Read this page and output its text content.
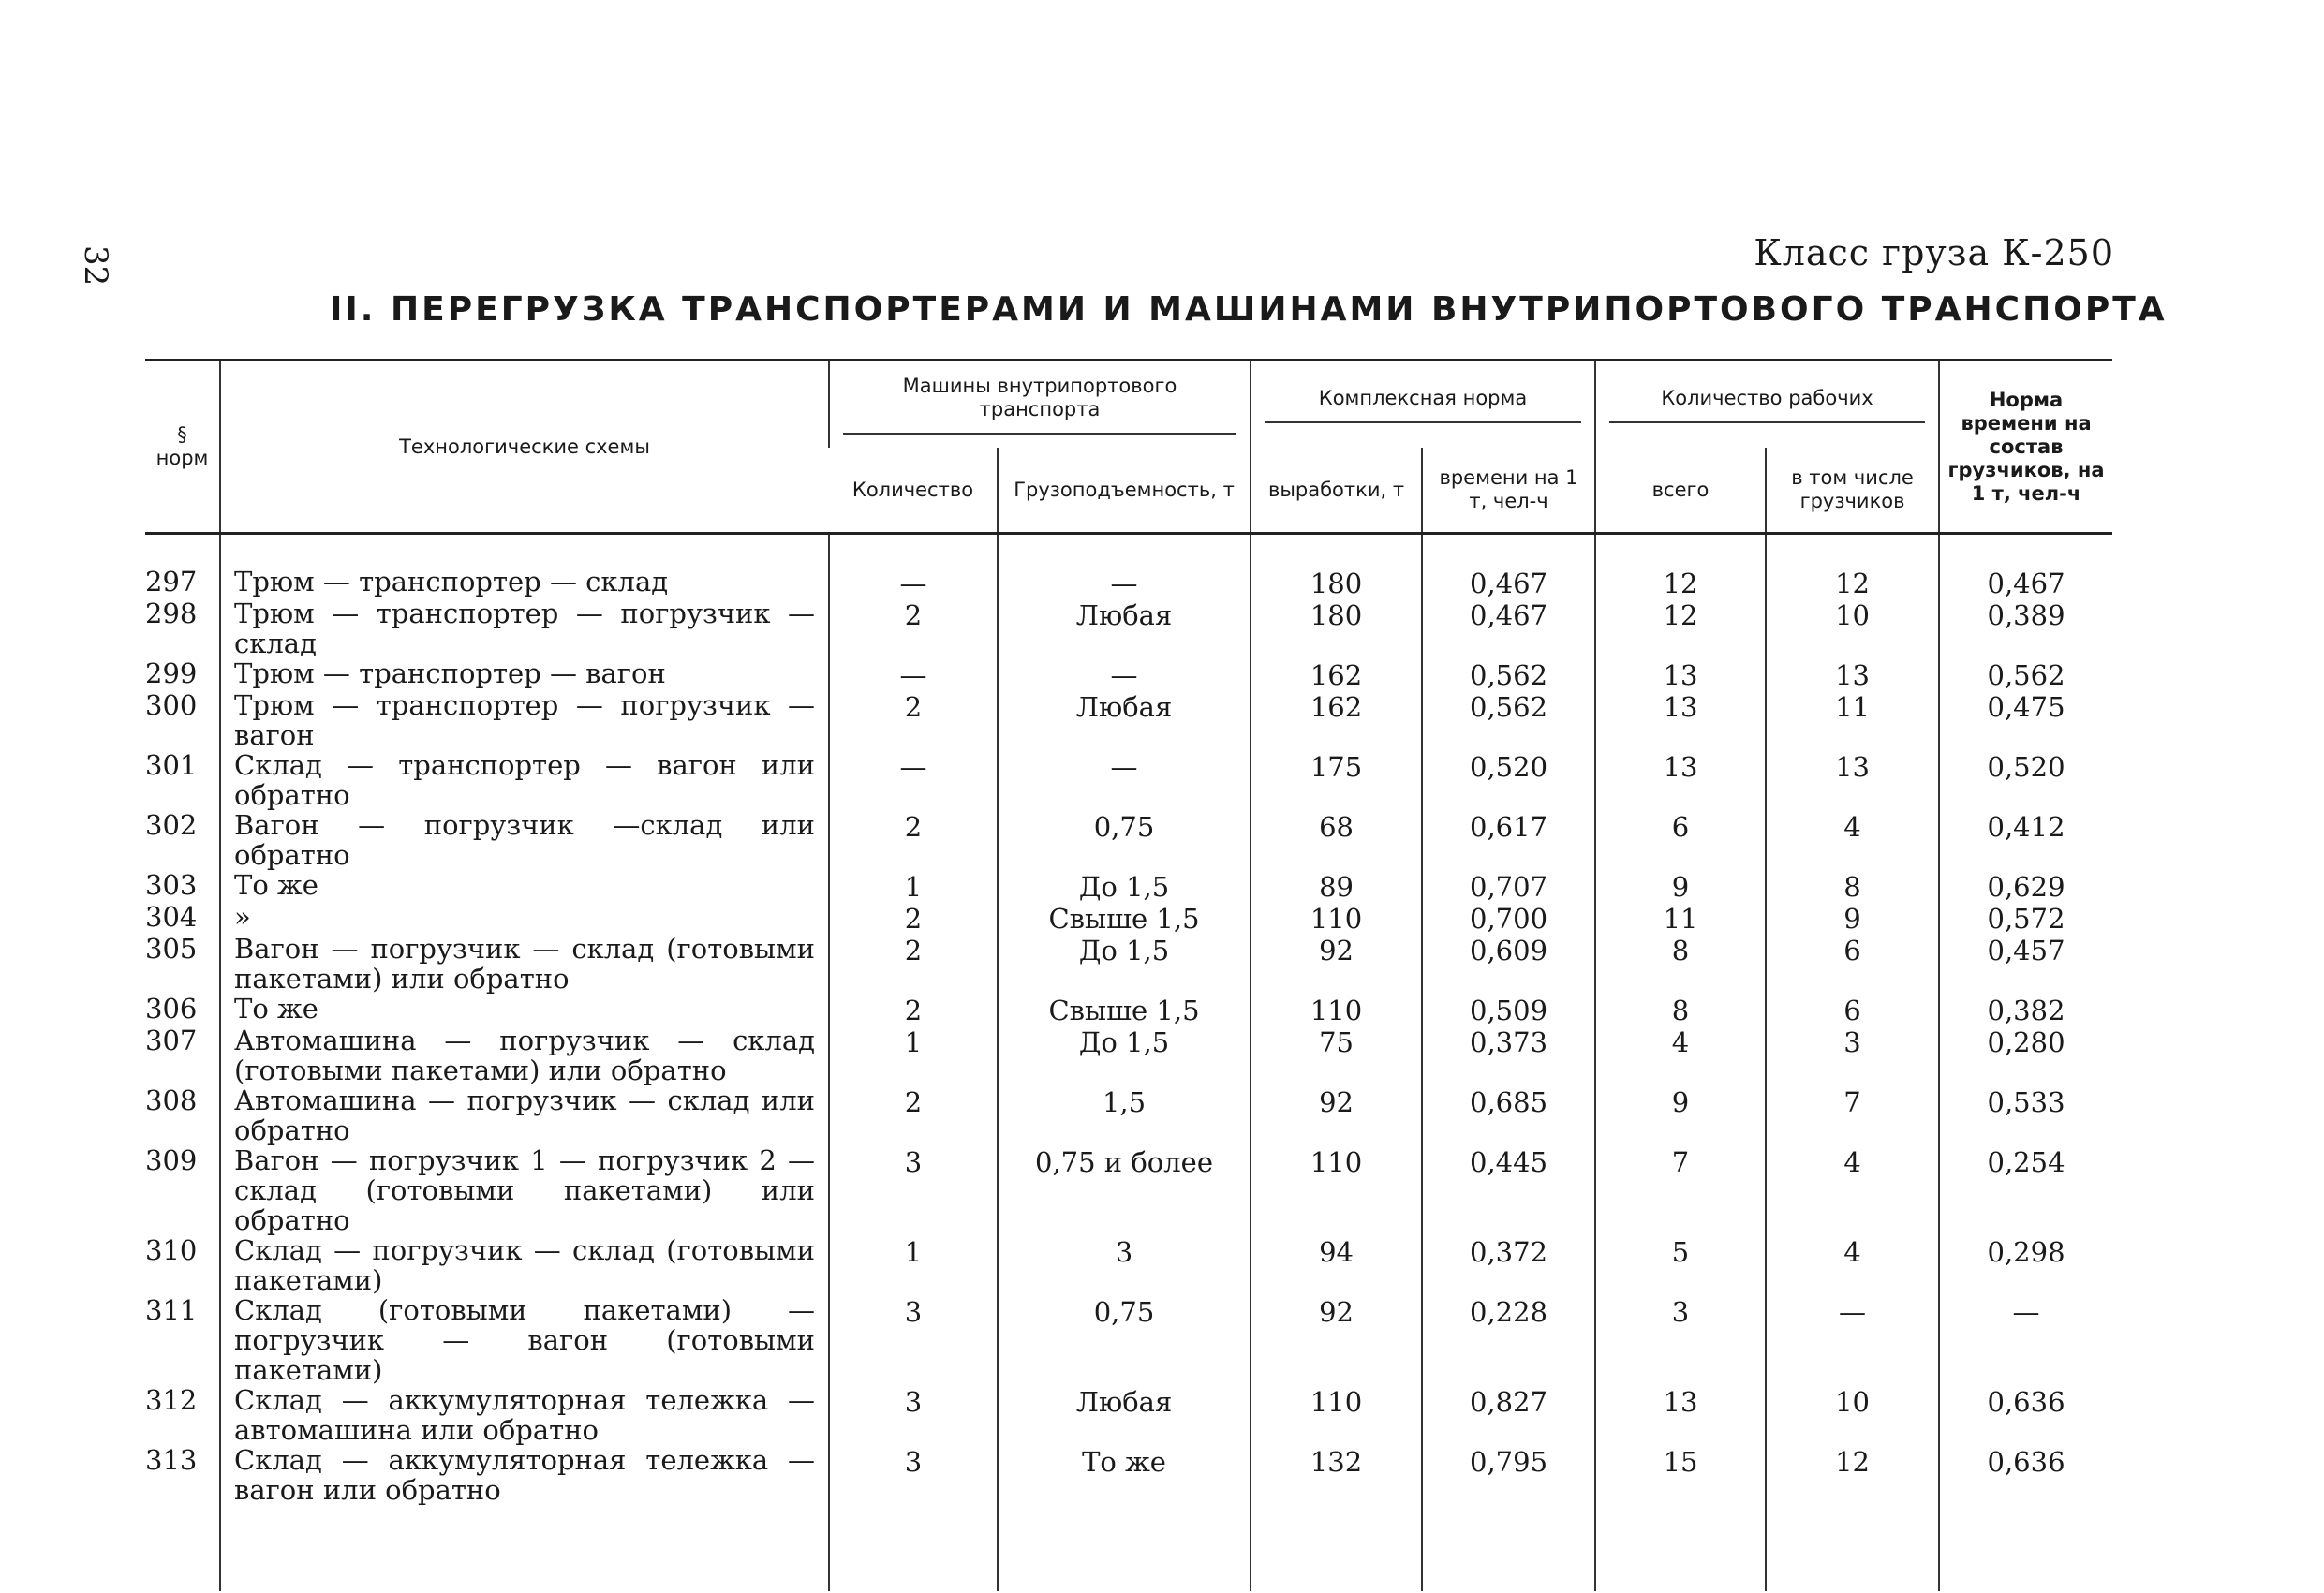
32	Класс груза К-250
II. ПЕРЕГРУЗКА ТРАНСПОРТЕРАМИ И МАШИНАМИ ВНУТРИПОРТОВОГО ТРАНСПОРТА
§ норм	Технологические схемы	Машины внутрипортового транспорта		Комплексная норма		Количество рабочих		Норма времени на состав грузчиков, на 1 т, чел-ч
		Количество	Грузоподъемность, т	выработки, т	времени на 1 т, чел-ч	всего	в том числе грузчиков	

297	Трюм — транспортер — склад	—	—	180	0,467	12	12	0,467
298	Трюм — транспортер — погрузчик — склад	2	Любая	180	0,467	12	10	0,389
299	Трюм — транспортер — вагон	—	—	162	0,562	13	13	0,562
300	Трюм — транспортер — погрузчик — вагон	2	Любая	162	0,562	13	11	0,475
301	Склад — транспортер — вагон или обратно	—	—	175	0,520	13	13	0,520
302	Вагон — погрузчик —склад или обратно	2	0,75	68	0,617	6	4	0,412
303	То же	1	До 1,5	89	0,707	9	8	0,629
304	»	2	Свыше 1,5	110	0,700	11	9	0,572
305	Вагон — погрузчик — склад (готовыми пакетами) или обратно	2	До 1,5	92	0,609	8	6	0,457
306	То же	2	Свыше 1,5	110	0,509	8	6	0,382
307	Автомашина — погрузчик — склад (готовыми пакетами) или обратно	1	До 1,5	75	0,373	4	3	0,280
308	Автомашина — погрузчик — склад или обратно	2	1,5	92	0,685	9	7	0,533
309	Вагон — погрузчик 1 — погрузчик 2 — склад (готовыми пакетами) или обратно	3	0,75 и более	110	0,445	7	4	0,254
310	Склад — погрузчик — склад (готовыми пакетами)	1	3	94	0,372	5	4	0,298
311	Склад (готовыми пакетами) — погрузчик — вагон (готовыми пакетами)	3	0,75	92	0,228	3	—	—
312	Склад — аккумуляторная тележка — автомашина или обратно	3	Любая	110	0,827	13	10	0,636
313	Склад — аккумуляторная тележка — вагон или обратно	3	То же	132	0,795	15	12	0,636
